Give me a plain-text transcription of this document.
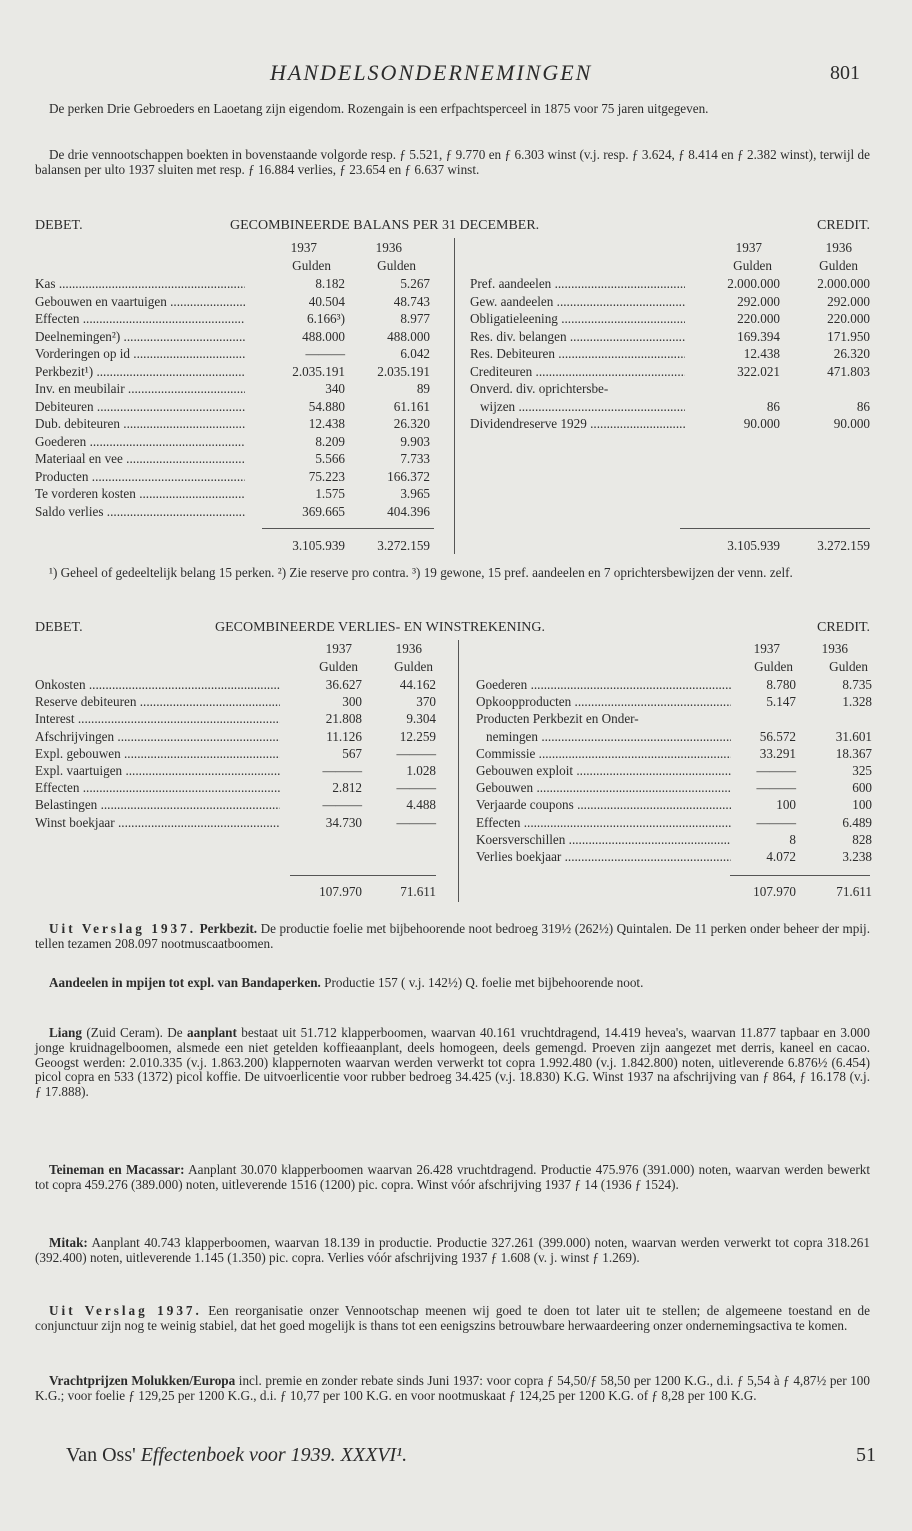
HANDELSONDERNEMINGEN	801

De perken Drie Gebroeders en Laoetang zijn eigendom. Rozengain is een erfpachtsperceel in 1875 voor 75 jaren uitgegeven.

De drie vennootschappen boekten in bovenstaande volgorde resp. ƒ 5.521, ƒ 9.770 en ƒ 6.303 winst (v.j. resp. ƒ 3.624, ƒ 8.414 en ƒ 2.382 winst), terwijl de balansen per ulto 1937 sluiten met resp. ƒ 16.884 verlies, ƒ 23.654 en ƒ 6.637 winst.

DEBET.	GECOMBINEERDE BALANS PER 31 DECEMBER.	CREDIT.
1937	1936	1937	1936
Gulden	Gulden	Gulden	Gulden
Kas .....	8.182	5.267
Gebouwen en vaartuigen .....	40.504	48.743
Effecten .....	6.166³)	8.977
Deelnemingen²) .....	488.000	488.000
Vorderingen op id .....	———	6.042
Perkbezit¹) .....	2.035.191	2.035.191
Inv. en meubilair .....	340	89
Debiteuren .....	54.880	61.161
Dub. debiteuren .....	12.438	26.320
Goederen .....	8.209	9.903
Materiaal en vee .....	5.566	7.733
Producten .....	75.223	166.372
Te vorderen kosten .....	1.575	3.965
Saldo verlies .....	369.665	404.396
Pref. aandeelen .....	2.000.000	2.000.000
Gew. aandeelen .....	292.000	292.000
Obligatieleening .....	220.000	220.000
Res. div. belangen .....	169.394	171.950
Res. Debiteuren .....	12.438	26.320
Crediteuren .....	322.021	471.803
Onverd. div. oprichtersbe-
wijzen .....	86	86
Dividendreserve 1929 .....	90.000	90.000
3.105.939	3.272.159	3.105.939	3.272.159

¹) Geheel of gedeeltelijk belang 15 perken. ²) Zie reserve pro contra. ³) 19 gewone, 15 pref. aandeelen en 7 oprichtersbewijzen der venn. zelf.

DEBET.	GECOMBINEERDE VERLIES- EN WINSTREKENING.	CREDIT.
1937	1936	1937	1936
Gulden	Gulden	Gulden	Gulden
Onkosten .....	36.627	44.162
Reserve debiteuren .....	300	370
Interest .....	21.808	9.304
Afschrijvingen .....	11.126	12.259
Expl. gebouwen .....	567	———
Expl. vaartuigen .....	———	1.028
Effecten .....	2.812	———
Belastingen .....	———	4.488
Winst boekjaar .....	34.730	———
Goederen .....	8.780	8.735
Opkoopproducten .....	5.147	1.328
Producten Perkbezit en Onder-
nemingen .....	56.572	31.601
Commissie .....	33.291	18.367
Gebouwen exploit .....	———	325
Gebouwen .....	———	600
Verjaarde coupons .....	100	100
Effecten .....	———	6.489
Koersverschillen .....	8	828
Verlies boekjaar .....	4.072	3.238
107.970	71.611	107.970	71.611

Uit Verslag 1937. Perkbezit. De productie foelie met bijbehoorende noot bedroeg 319½ (262½) Quintalen. De 11 perken onder beheer der mpij. tellen tezamen 208.097 nootmuscaatboomen.

Aandeelen in mpijen tot expl. van Bandaperken. Productie 157 ( v.j. 142½) Q. foelie met bijbehoorende noot.

Liang (Zuid Ceram). De aanplant bestaat uit 51.712 klapperboomen, waarvan 40.161 vruchtdragend, 14.419 hevea's, waarvan 11.877 tapbaar en 3.000 jonge kruidnagelboomen, alsmede een niet getelden koffieaanplant, deels homogeen, deels gemengd. Proeven zijn aangezet met derris, kaneel en cacao. Geoogst werden: 2.010.335 (v.j. 1.863.200) klappernoten waarvan werden verwerkt tot copra 1.992.480 (v.j. 1.842.800) noten, uitleverende 6.876½ (6.454) picol copra en 533 (1372) picol koffie. De uitvoerlicentie voor rubber bedroeg 34.425 (v.j. 18.830) K.G. Winst 1937 na afschrijving van ƒ 864, ƒ 16.178 (v.j. ƒ 17.888).

Teineman en Macassar: Aanplant 30.070 klapperboomen waarvan 26.428 vruchtdragend. Productie 475.976 (391.000) noten, waarvan werden bewerkt tot copra 459.276 (389.000) noten, uitleverende 1516 (1200) pic. copra. Winst vóór afschrijving 1937 ƒ 14 (1936 ƒ 1524).

Mitak: Aanplant 40.743 klapperboomen, waarvan 18.139 in productie. Productie 327.261 (399.000) noten, waarvan werden verwerkt tot copra 318.261 (392.400) noten, uitleverende 1.145 (1.350) pic. copra. Verlies vóór afschrijving 1937 ƒ 1.608 (v. j. winst ƒ 1.269).

Uit Verslag 1937. Een reorganisatie onzer Vennootschap meenen wij goed te doen tot later uit te stellen; de algemeene toestand en de conjunctuur zijn nog te weinig stabiel, dat het goed mogelijk is thans tot een eenigszins betrouwbare herwaardeering onzer ondernemingsactiva te komen.

Vrachtprijzen Molukken/Europa incl. premie en zonder rebate sinds Juni 1937: voor copra ƒ 54,50/ƒ 58,50 per 1200 K.G., d.i. ƒ 5,54 à ƒ 4,87½ per 100 K.G.; voor foelie ƒ 129,25 per 1200 K.G., d.i. ƒ 10,77 per 100 K.G. en voor nootmuskaat ƒ 124,25 per 1200 K.G. of ƒ 8,28 per 100 K.G.

Van Oss' Effectenboek voor 1939. XXXVI¹.	51
